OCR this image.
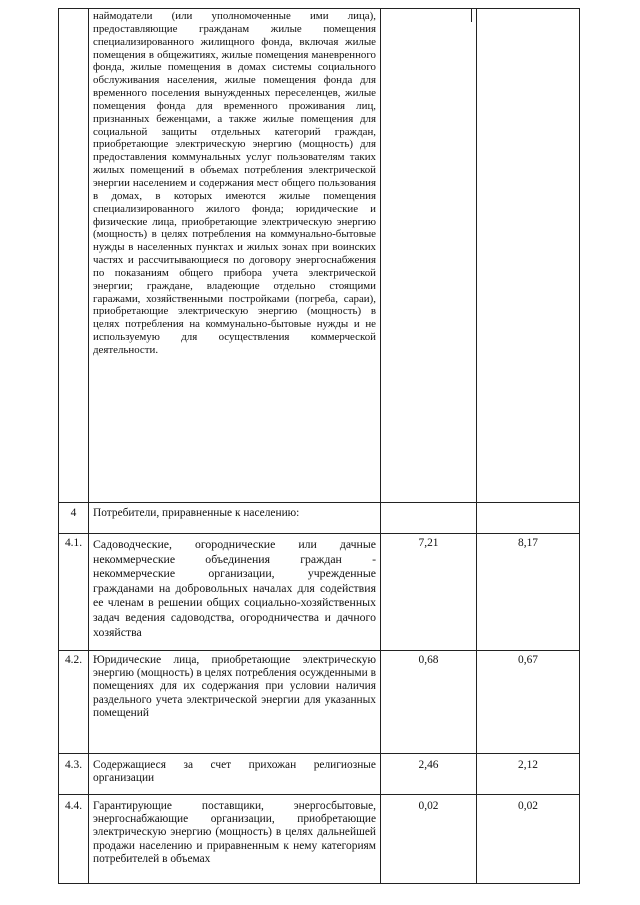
	наймодатели (или уполномоченные ими лица), предоставляющие гражданам жилые помещения специализированного жилищного фонда, включая жилые помещения в общежитиях, жилые помещения маневренного фонда, жилые помещения в домах системы социального обслуживания населения, жилые помещения фонда для временного поселения вынужденных переселенцев, жилые помещения фонда для временного проживания лиц, признанных беженцами, а также жилые помещения для социальной защиты отдельных категорий граждан, приобретающие электрическую энергию (мощность) для предоставления коммунальных услуг пользователям таких жилых помещений в объемах потребления электрической энергии населением и содержания мест общего пользования в домах, в которых имеются жилые помещения специализированного жилого фонда; юридические и физические лица, приобретающие электрическую энергию (мощность) в целях потребления на коммунально-бытовые нужды в населенных пунктах и жилых зонах при воинских частях и рассчитывающиеся по договору энергоснабжения по показаниям общего прибора учета электрической энергии; граждане, владеющие отдельно стоящими гаражами, хозяйственными постройками (погреба, сараи), приобретающие электрическую энергию (мощность) в целях потребления на коммунально-бытовые нужды и не используемую для осуществления коммерческой деятельности.		
4	Потребители, приравненные к населению:		
4.1.	Садоводческие, огороднические или дачные некоммерческие объединения граждан - некоммерческие организации, учрежденные гражданами на добровольных началах для содействия ее членам в решении общих социально-хозяйственных задач ведения садоводства, огородничества и дачного хозяйства	7,21	8,17
4.2.	Юридические лица, приобретающие электрическую энергию (мощность) в целях потребления осужденными в помещениях для их содержания при условии наличия раздельного учета электрической энергии для указанных помещений	0,68	0,67
4.3.	Содержащиеся за счет прихожан религиозные организации	2,46	2,12
4.4.	Гарантирующие поставщики, энергосбытовые, энергоснабжающие организации, приобретающие электрическую энергию (мощность) в целях дальнейшей продажи населению и приравненным к нему категориям потребителей в объемах	0,02	0,02
